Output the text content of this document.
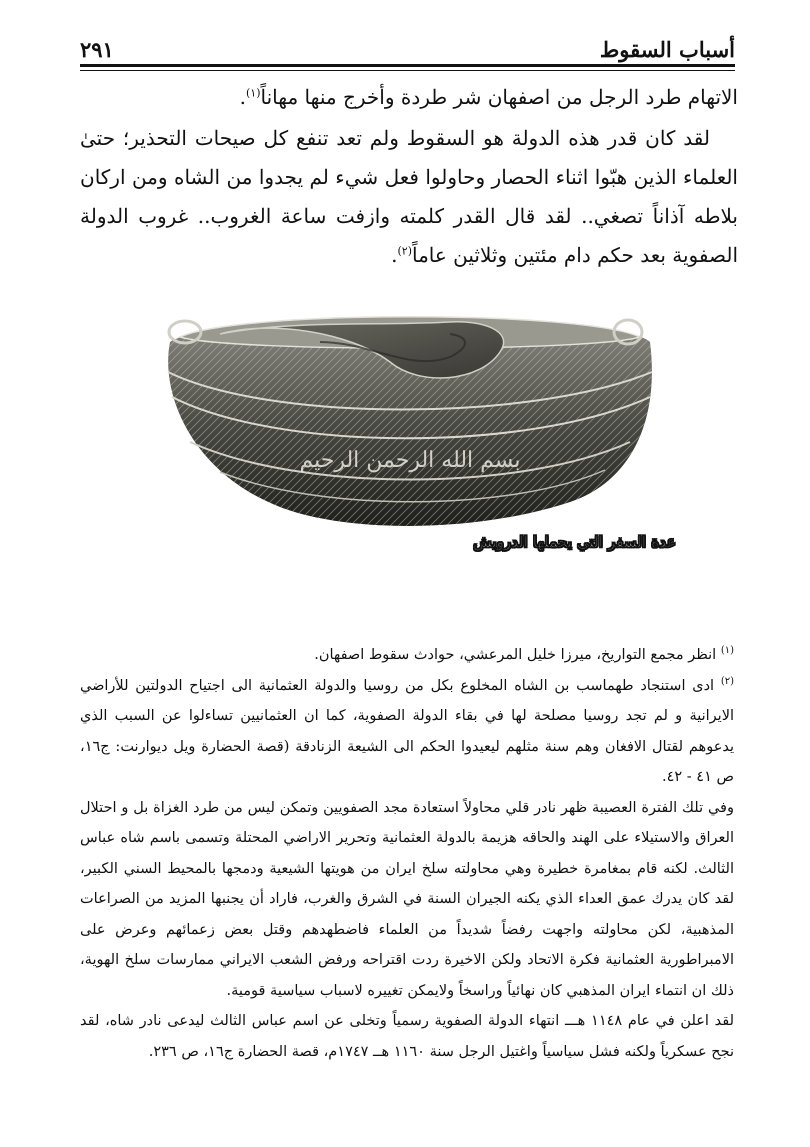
أسباب السقوط
٢٩١

الاتهام طرد الرجل من اصفهان شر طردة وأخرج منها مهاناً$^{(١)}$.

لقد كان قدر هذه الدولة هو السقوط ولم تعد تنفع كل صيحات التحذير؛ حتىٰ العلماء الذين هبّوا اثناء الحصار وحاولوا فعل شيء لم يجدوا من الشاه ومن اركان بلاطه آذاناً تصغي.. لقد قال القدر كلمته وازفت ساعة الغروب.. غروب الدولة الصفوية بعد حكم دام مئتين وثلاثين عاماً$^{(٢)}$.

بسم الله الرحمن الرحيم
عدة السفر التي يحملها الدرويش

$^{(١)}$ انظر مجمع التواريخ، ميرزا خليل المرعشي، حوادث سقوط اصفهان.

$^{(٢)}$ ادى استنجاد طهماسب بن الشاه المخلوع بكل من روسيا والدولة العثمانية الى اجتياح الدولتين للأراضي الايرانية و لم تجد روسيا مصلحة لها في بقاء الدولة الصفوية، كما ان العثمانيين تساءلوا عن السبب الذي يدعوهم لقتال الافغان وهم سنة مثلهم ليعيدوا الحكم الى الشيعة الزنادقة (قصة الحضارة ويل ديوارنت: ج١٦، ص ٤١ - ٤٢.

وفي تلك الفترة العصيبة ظهر نادر قلي محاولاً استعادة مجد الصفويين وتمكن ليس من طرد الغزاة بل و احتلال العراق والاستيلاء على الهند والحاقه هزيمة بالدولة العثمانية وتحرير الاراضي المحتلة وتسمى باسم شاه عباس الثالث. لكنه قام بمغامرة خطيرة وهي محاولته سلخ ايران من هويتها الشيعية ودمجها بالمحيط السني الكبير، لقد كان يدرك عمق العداء الذي يكنه الجيران السنة في الشرق والغرب، فاراد أن يجنبها المزيد من الصراعات المذهبية، لكن محاولته واجهت رفضاً شديداً من العلماء فاضطهدهم وقتل بعض زعمائهم وعرض على الامبراطورية العثمانية فكرة الاتحاد ولكن الاخيرة ردت اقتراحه ورفض الشعب الايراني ممارسات سلخ الهوية، ذلك ان انتماء ايران المذهبي كان نهائياً وراسخاً ولايمكن تغييره لاسباب سياسية قومية.

لقد اعلن في عام ١١٤٨ هـــ انتهاء الدولة الصفوية رسمياً وتخلى عن اسم عباس الثالث ليدعى نادر شاه، لقد نجح عسكرياً ولكنه فشل سياسياً واغتيل الرجل سنة ١١٦٠ هــ ١٧٤٧م، قصة الحضارة ج١٦، ص ٢٣٦.
